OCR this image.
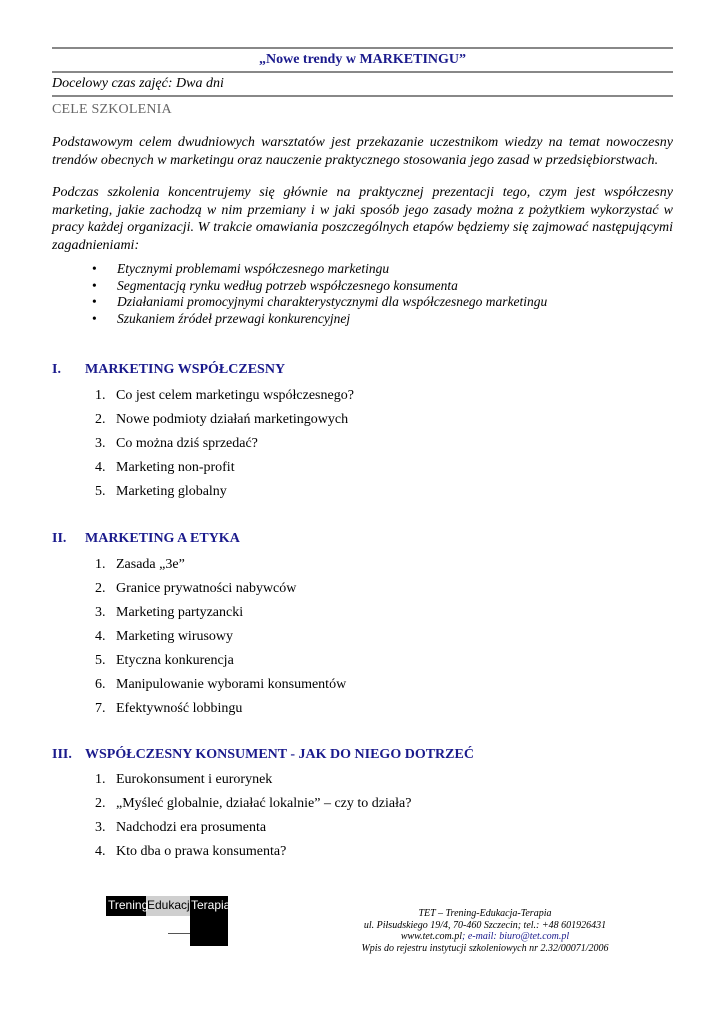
„Nowe trendy w MARKETINGU”
Docelowy czas zajęć: Dwa dni
CELE SZKOLENIA

Podstawowym celem dwudniowych warsztatów jest przekazanie uczestnikom wiedzy na temat nowoczesny trendów obecnych w marketingu oraz nauczenie praktycznego stosowania jego zasad w przedsiębiorstwach.

Podczas szkolenia koncentrujemy się głównie na praktycznej prezentacji tego, czym jest współczesny marketing, jakie zachodzą w nim przemiany i w jaki sposób jego zasady można z pożytkiem wykorzystać w pracy każdej organizacji. W trakcie omawiania poszczególnych etapów będziemy się zajmować następującymi zagadnieniami:

• Etycznymi problemami współczesnego marketingu
• Segmentacją rynku według potrzeb współczesnego konsumenta
• Działaniami promocyjnymi charakterystycznymi dla współczesnego marketingu
• Szukaniem źródeł przewagi konkurencyjnej
I. MARKETING WSPÓŁCZESNY
1. Co jest celem marketingu współczesnego?
2. Nowe podmioty działań marketingowych
3. Co można dziś sprzedać?
4. Marketing non-profit
5. Marketing globalny
II. MARKETING A ETYKA
1. Zasada „3e”
2. Granice prywatności nabywców
3. Marketing partyzancki
4. Marketing wirusowy
5. Etyczna konkurencja
6. Manipulowanie wyborami konsumentów
7. Efektywność lobbingu
III. WSPÓŁCZESNY KONSUMENT - JAK DO NIEGO DOTRZEĆ
1. Eurokonsument i eurorynek
2. „Myśleć globalnie, działać lokalnie” – czy to działa?
3. Nadchodzi era prosumenta
4. Kto dba o prawa konsumenta?
Trening
Edukacja
Terapia
TET – Trening-Edukacja-Terapia
ul. Piłsudskiego 19/4, 70-460 Szczecin; tel.: +48 601926431
www.tet.com.pl; e-mail: biuro@tet.com.pl
Wpis do rejestru instytucji szkoleniowych nr 2.32/00071/2006
